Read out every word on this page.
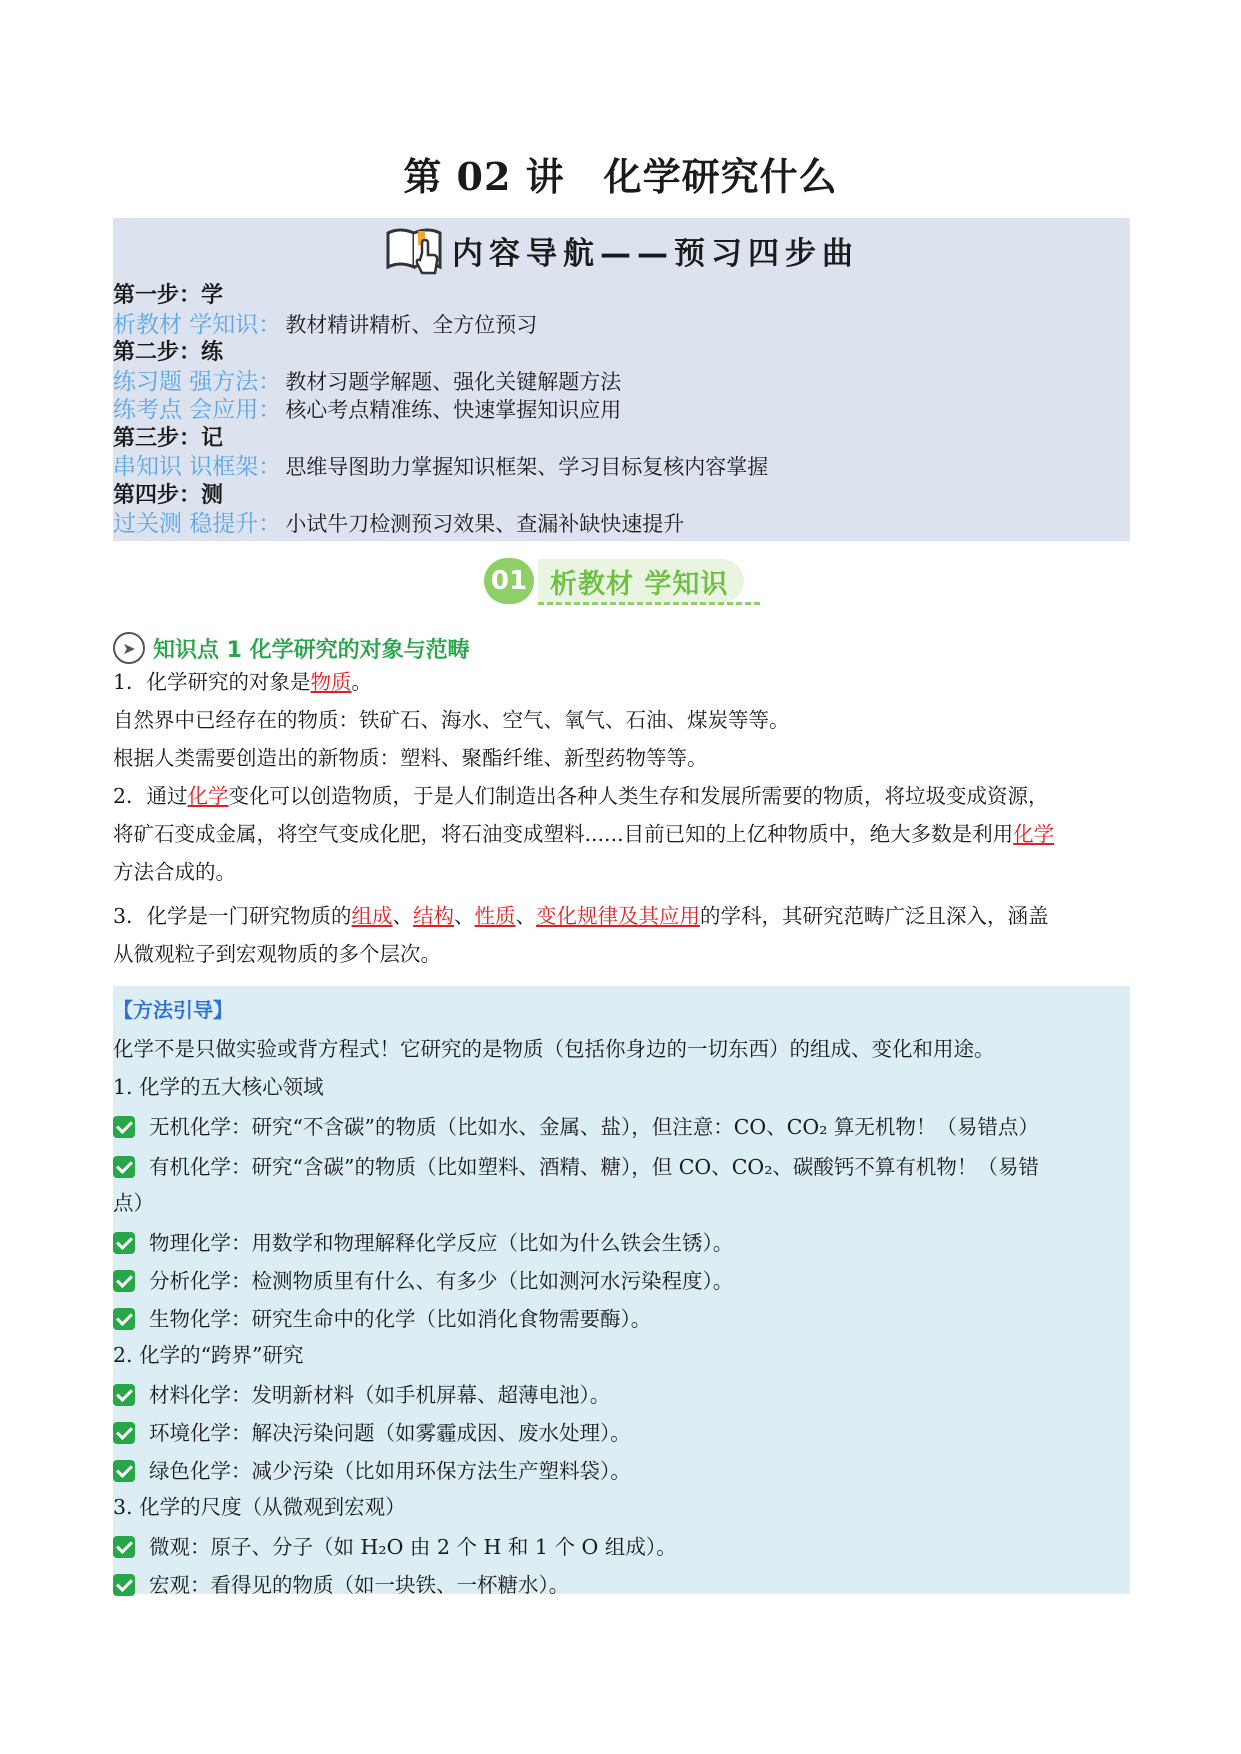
第 02 讲　化学研究什么
内容导航——预习四步曲
第一步：学
析教材 学知识： 教材精讲精析、全方位预习
第二步：练
练习题 强方法： 教材习题学解题、强化关键解题方法
练考点 会应用： 核心考点精准练、快速掌握知识应用
第三步：记
串知识 识框架： 思维导图助力掌握知识框架、学习目标复核内容掌握
第四步：测
过关测 稳提升： 小试牛刀检测预习效果、查漏补缺快速提升
01 析教材 学知识
➤ 知识点 1 化学研究的对象与范畴
1．化学研究的对象是物质。
自然界中已经存在的物质：铁矿石、海水、空气、氧气、石油、煤炭等等。
根据人类需要创造出的新物质：塑料、聚酯纤维、新型药物等等。
2．通过化学变化可以创造物质，于是人们制造出各种人类生存和发展所需要的物质，将垃圾变成资源，
将矿石变成金属，将空气变成化肥，将石油变成塑料......目前已知的上亿种物质中，绝大多数是利用化学
方法合成的。
3．化学是一门研究物质的组成、结构、性质、变化规律及其应用的学科，其研究范畴广泛且深入，涵盖
从微观粒子到宏观物质的多个层次。
【方法引导】
化学不是只做实验或背方程式！它研究的是物质（包括你身边的一切东西）的组成、变化和用途。
1. 化学的五大核心领域
无机化学：研究“不含碳”的物质（比如水、金属、盐），但注意：CO、CO₂ 算无机物！（易错点）
有机化学：研究“含碳”的物质（比如塑料、酒精、糖），但 CO、CO₂、碳酸钙不算有机物！（易错
点）
物理化学：用数学和物理解释化学反应（比如为什么铁会生锈）。
分析化学：检测物质里有什么、有多少（比如测河水污染程度）。
生物化学：研究生命中的化学（比如消化食物需要酶）。
2. 化学的“跨界”研究
材料化学：发明新材料（如手机屏幕、超薄电池）。
环境化学：解决污染问题（如雾霾成因、废水处理）。
绿色化学：减少污染（比如用环保方法生产塑料袋）。
3. 化学的尺度（从微观到宏观）
微观：原子、分子（如 H₂O 由 2 个 H 和 1 个 O 组成）。
宏观：看得见的物质（如一块铁、一杯糖水）。
